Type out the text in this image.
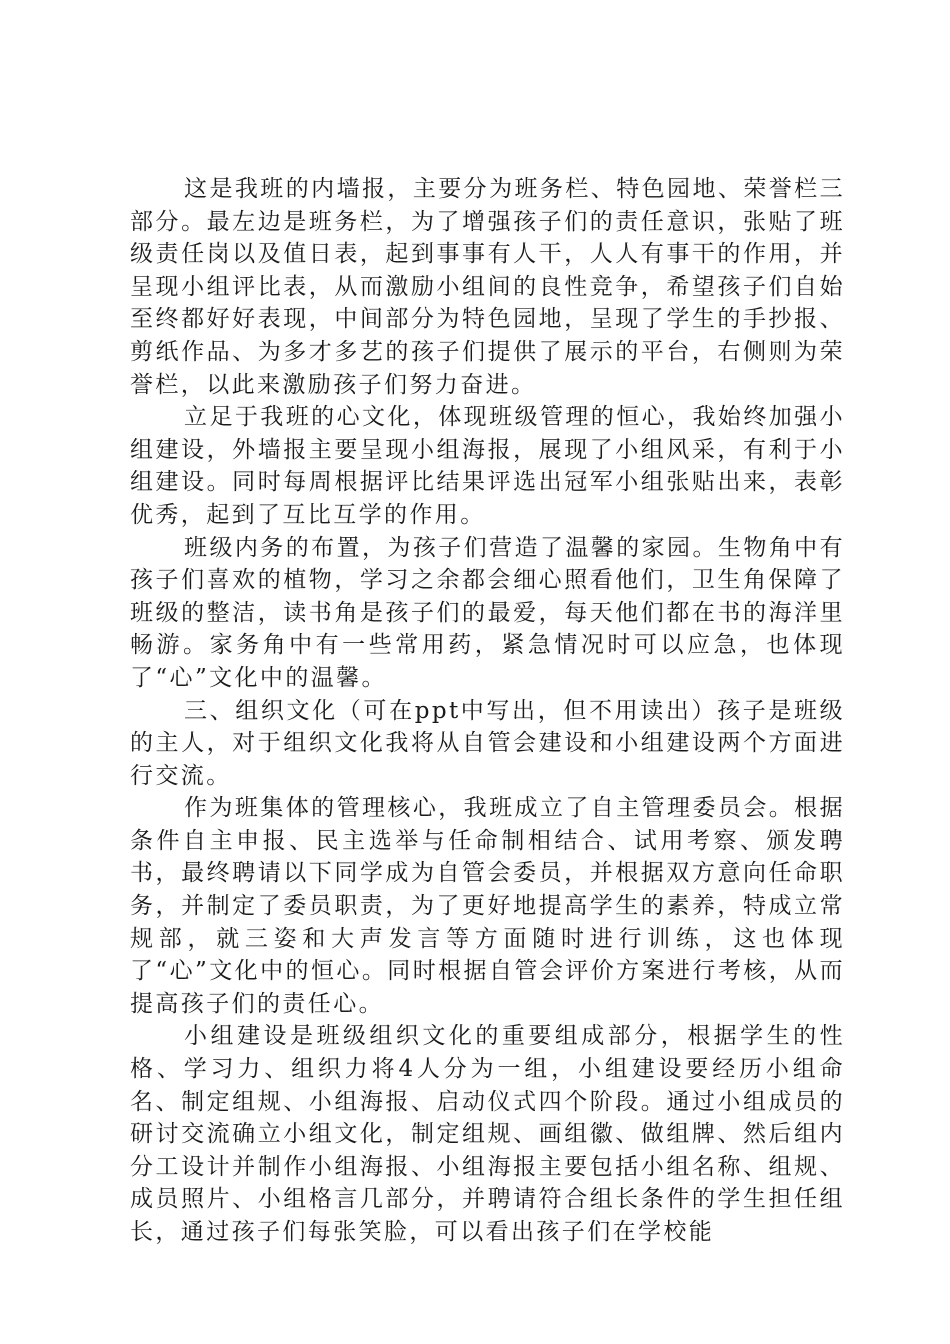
这是我班的内墙报，主要分为班务栏、特色园地、荣誉栏三部分。最左边是班务栏，为了增强孩子们的责任意识，张贴了班级责任岗以及值日表，起到事事有人干，人人有事干的作用，并呈现小组评比表，从而激励小组间的良性竞争，希望孩子们自始至终都好好表现，中间部分为特色园地，呈现了学生的手抄报、剪纸作品、为多才多艺的孩子们提供了展示的平台，右侧则为荣誉栏，以此来激励孩子们努力奋进。

立足于我班的心文化，体现班级管理的恒心，我始终加强小组建设，外墙报主要呈现小组海报，展现了小组风采，有利于小组建设。同时每周根据评比结果评选出冠军小组张贴出来，表彰优秀，起到了互比互学的作用。

班级内务的布置，为孩子们营造了温馨的家园。生物角中有孩子们喜欢的植物，学习之余都会细心照看他们，卫生角保障了班级的整洁，读书角是孩子们的最爱，每天他们都在书的海洋里畅游。家务角中有一些常用药，紧急情况时可以应急，也体现了“心”文化中的温馨。

三、组织文化（可在ppt中写出，但不用读出）孩子是班级的主人，对于组织文化我将从自管会建设和小组建设两个方面进行交流。

作为班集体的管理核心，我班成立了自主管理委员会。根据条件自主申报、民主选举与任命制相结合、试用考察、颁发聘书，最终聘请以下同学成为自管会委员，并根据双方意向任命职务，并制定了委员职责，为了更好地提高学生的素养，特成立常规部，就三姿和大声发言等方面随时进行训练，这也体现了“心”文化中的恒心。同时根据自管会评价方案进行考核，从而提高孩子们的责任心。

小组建设是班级组织文化的重要组成部分，根据学生的性格、学习力、组织力将4人分为一组，小组建设要经历小组命名、制定组规、小组海报、启动仪式四个阶段。通过小组成员的研讨交流确立小组文化，制定组规、画组徽、做组牌、然后组内分工设计并制作小组海报、小组海报主要包括小组名称、组规、成员照片、小组格言几部分，并聘请符合组长条件的学生担任组长，通过孩子们每张笑脸，可以看出孩子们在学校能
